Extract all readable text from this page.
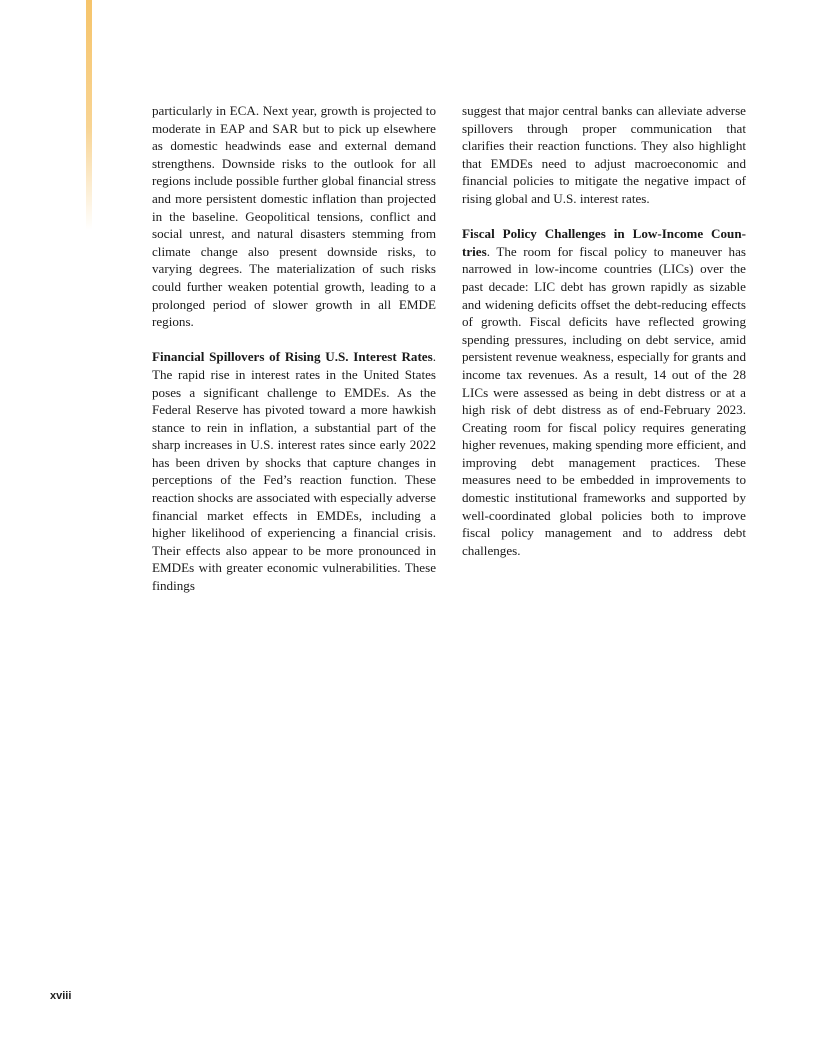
particularly in ECA. Next year, growth is projected to moderate in EAP and SAR but to pick up elsewhere as domestic headwinds ease and external demand strengthens. Downside risks to the outlook for all regions include possible further global financial stress and more persistent domestic inflation than projected in the baseline. Geopolitical tensions, conflict and social unrest, and natural disasters stemming from climate change also present downside risks, to varying degrees. The materialization of such risks could further weaken potential growth, leading to a prolonged period of slower growth in all EMDE regions.

Financial Spillovers of Rising U.S. Interest Rates. The rapid rise in interest rates in the United States poses a significant challenge to EMDEs. As the Federal Reserve has pivoted toward a more hawkish stance to rein in inflation, a substantial part of the sharp increases in U.S. interest rates since early 2022 has been driven by shocks that capture changes in perceptions of the Fed’s reaction function. These reaction shocks are associated with especially adverse financial market effects in EMDEs, including a higher likelihood of experiencing a financial crisis. Their effects also appear to be more pronounced in EMDEs with greater economic vulnerabilities. These findings

suggest that major central banks can alleviate adverse spillovers through proper communication that clarifies their reaction functions. They also highlight that EMDEs need to adjust macroeconomic and financial policies to mitigate the negative impact of rising global and U.S. interest rates.

Fiscal Policy Challenges in Low-Income Countries. The room for fiscal policy to maneuver has narrowed in low-income countries (LICs) over the past decade: LIC debt has grown rapidly as sizable and widening deficits offset the debt-reducing effects of growth. Fiscal deficits have reflected growing spending pressures, including on debt service, amid persistent revenue weakness, especially for grants and income tax revenues. As a result, 14 out of the 28 LICs were assessed as being in debt distress or at a high risk of debt distress as of end-February 2023. Creating room for fiscal policy requires generating higher revenues, making spending more efficient, and improving debt management practices. These measures need to be embedded in improvements to domestic institutional frameworks and supported by well-coordinated global policies both to improve fiscal policy management and to address debt challenges.

xviii
